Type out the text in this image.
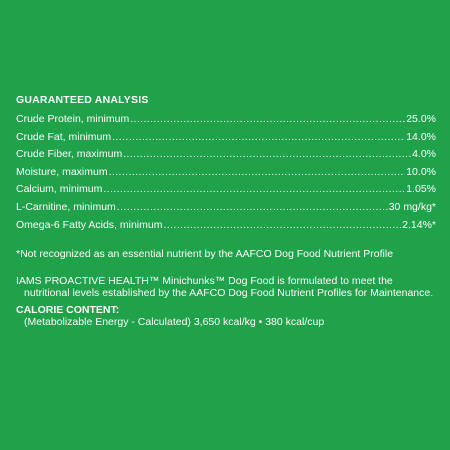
GUARANTEED ANALYSIS
Crude Protein, minimum .....	25.0%
Crude Fat, minimum .....	14.0%
Crude Fiber, maximum .....	4.0%
Moisture, maximum .....	10.0%
Calcium, minimum .....	1.05%
L-Carnitine, minimum .....	30 mg/kg*
Omega-6 Fatty Acids, minimum .....	2.14%*
*Not recognized as an essential nutrient by the AAFCO Dog Food Nutrient Profile
IAMS PROACTIVE HEALTH™ Minichunks™ Dog Food is formulated to meet the nutritional levels established by the AAFCO Dog Food Nutrient Profiles for Maintenance.
CALORIE CONTENT:
(Metabolizable Energy - Calculated) 3,650 kcal/kg • 380 kcal/cup
